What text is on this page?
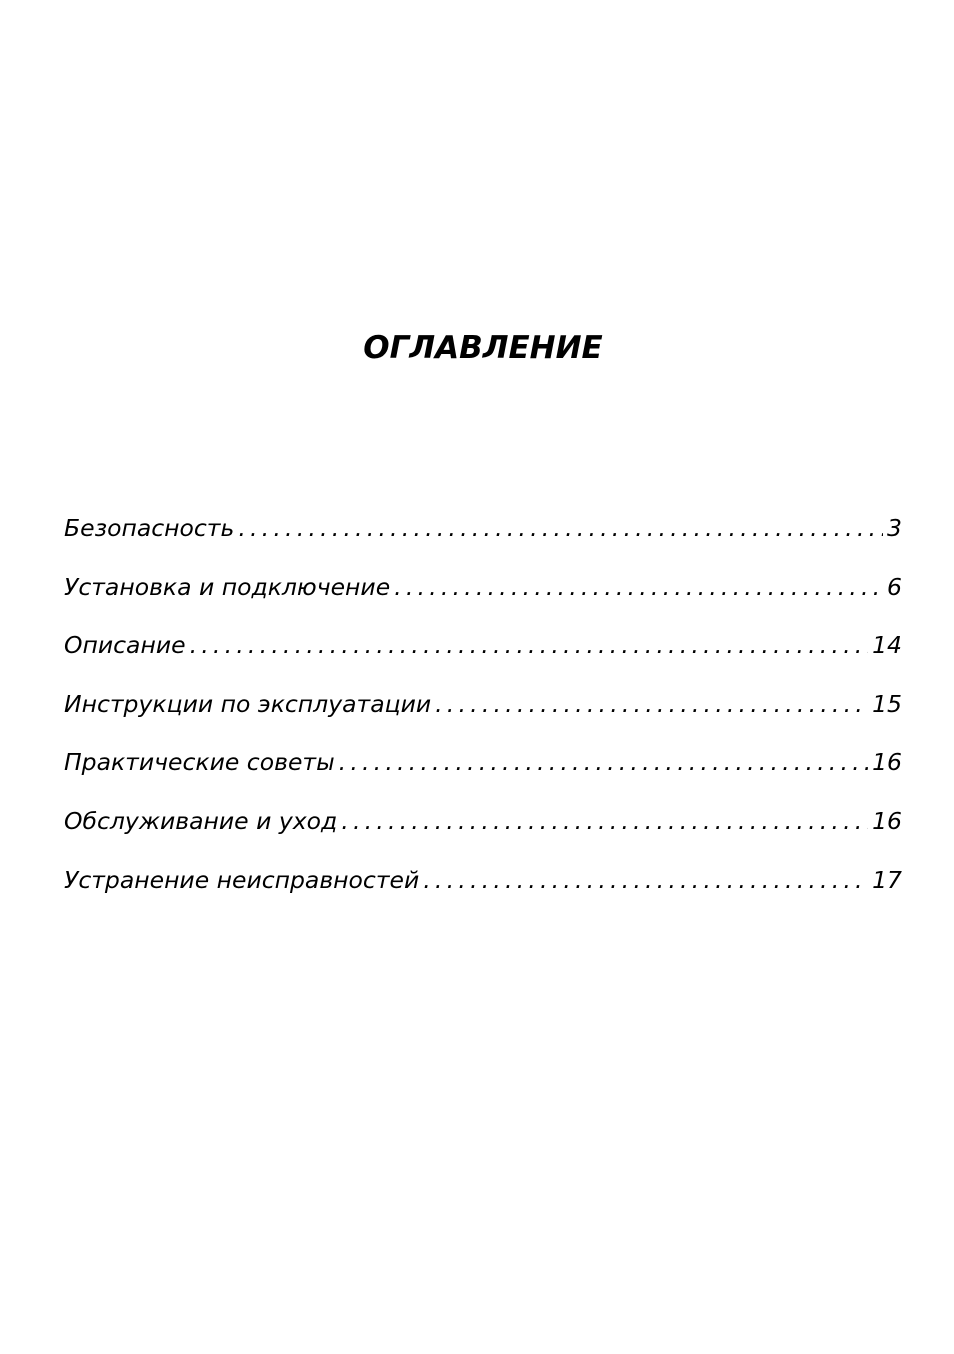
ОГЛАВЛЕНИЕ
Безопасность .....	3
Установка и подключение .....	6
Описание .....	14
Инструкции по эксплуатации .....	15
Практические советы .....	16
Обслуживание и уход .....	16
Устранение неисправностей .....	17
